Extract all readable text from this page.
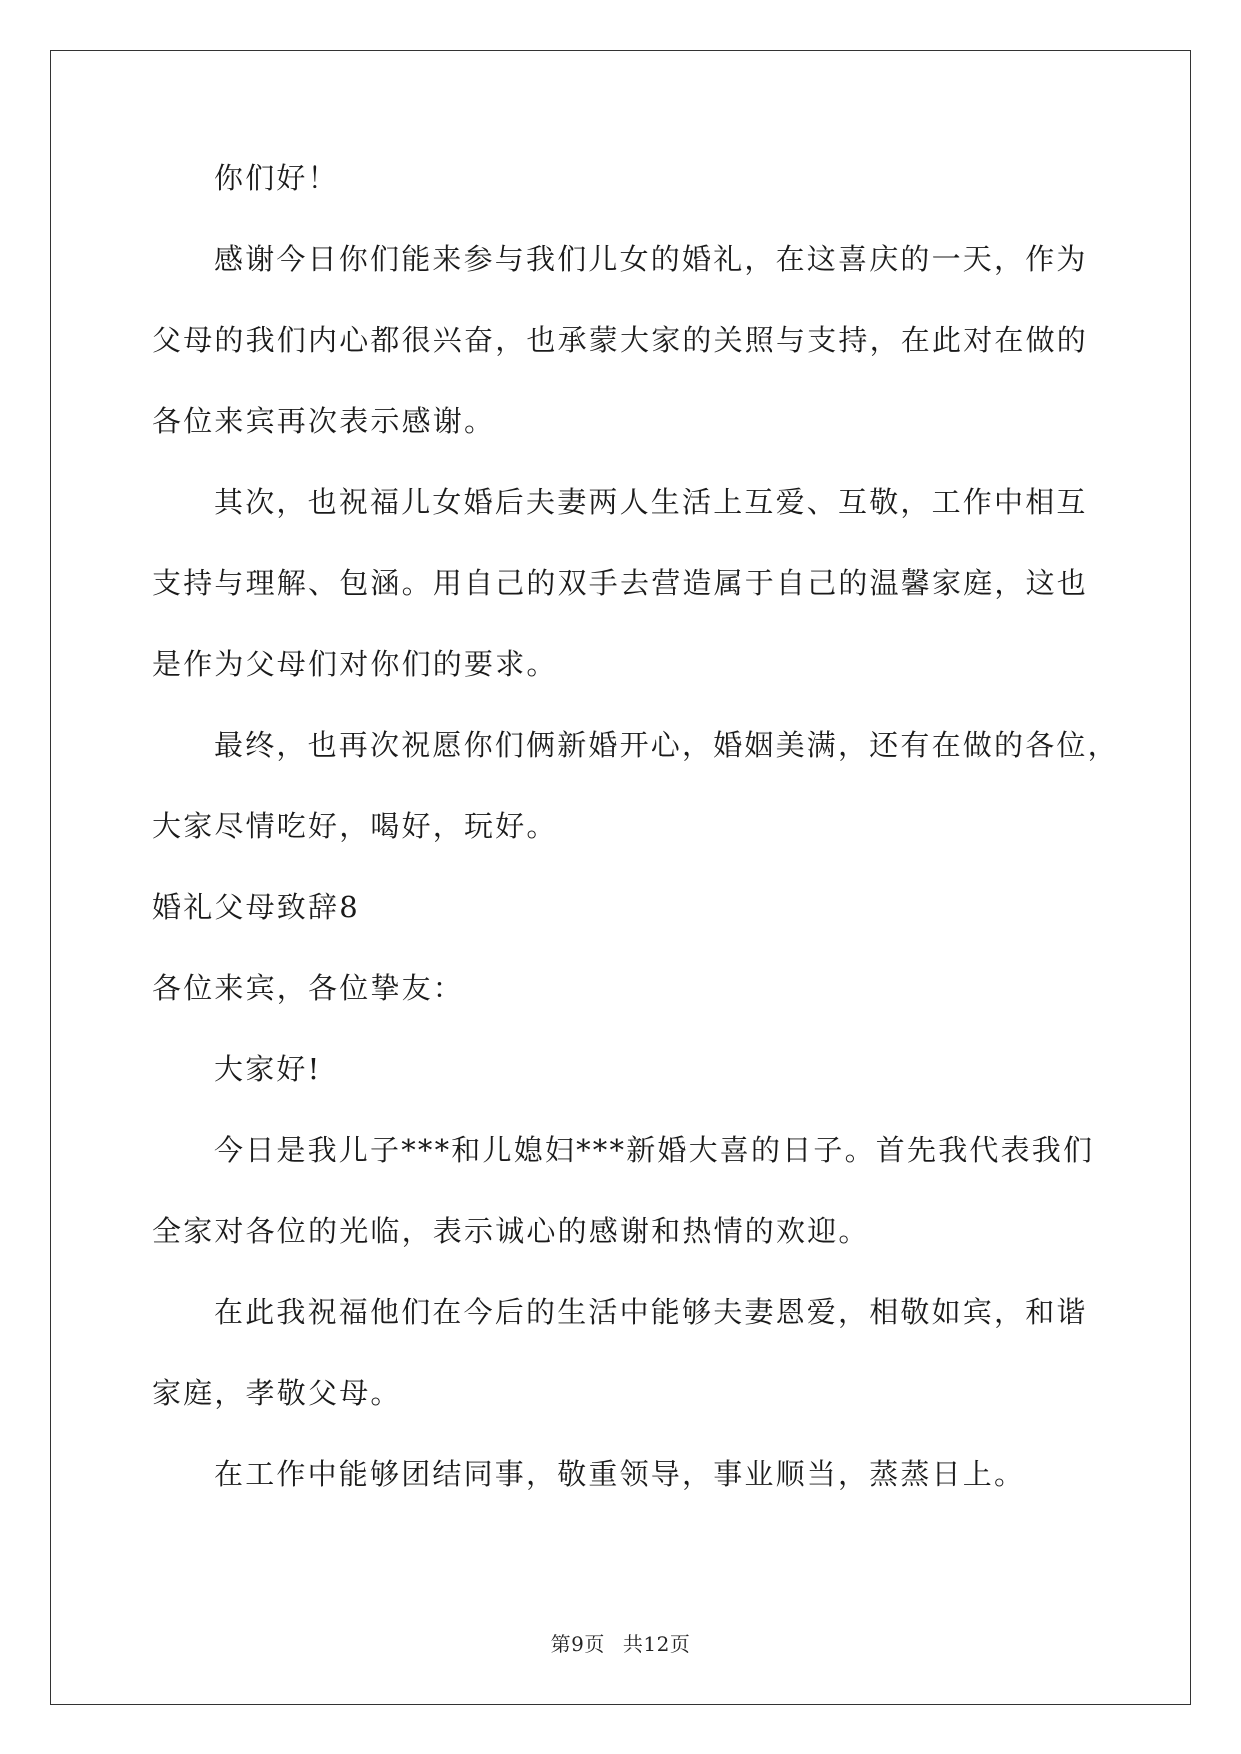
你们好！
感谢今日你们能来参与我们儿女的婚礼，在这喜庆的一天，作为
父母的我们内心都很兴奋，也承蒙大家的关照与支持，在此对在做的
各位来宾再次表示感谢。
其次，也祝福儿女婚后夫妻两人生活上互爱、互敬，工作中相互
支持与理解、包涵。用自己的双手去营造属于自己的温馨家庭，这也
是作为父母们对你们的要求。
最终，也再次祝愿你们俩新婚开心，婚姻美满，还有在做的各位，
大家尽情吃好，喝好，玩好。
婚礼父母致辞8
各位来宾，各位挚友：
大家好!
今日是我儿子***和儿媳妇***新婚大喜的日子。首先我代表我们
全家对各位的光临，表示诚心的感谢和热情的欢迎。
在此我祝福他们在今后的生活中能够夫妻恩爱，相敬如宾，和谐
家庭，孝敬父母。
在工作中能够团结同事，敬重领导，事业顺当，蒸蒸日上。
第9页 共12页
